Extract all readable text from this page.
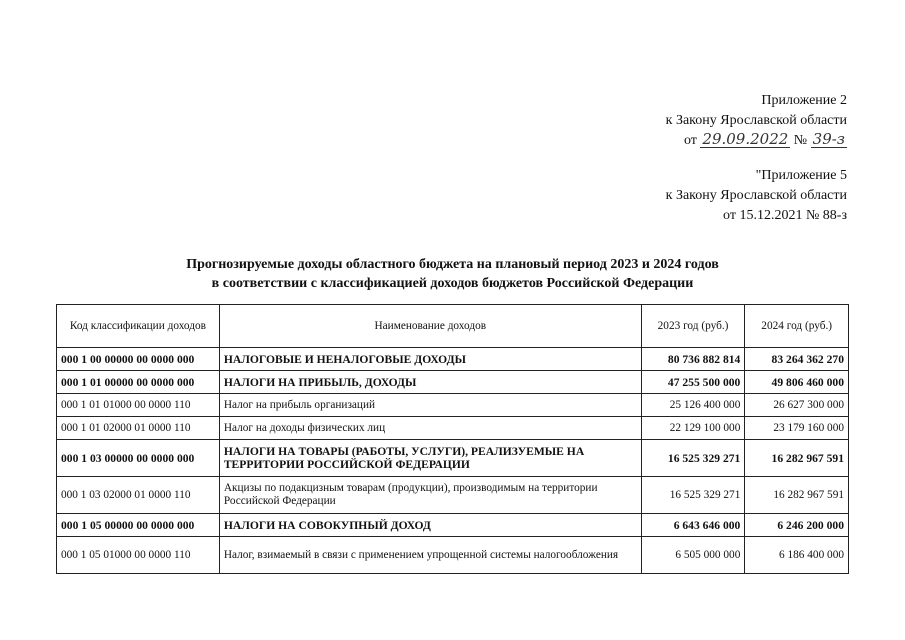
Приложение 2
к Закону Ярославской области
от 29.09.2022 № 39-з
"Приложение 5
к Закону Ярославской области
от 15.12.2021 № 88-з
Прогнозируемые доходы областного бюджета на плановый период 2023 и 2024 годов
в соответствии с классификацией доходов бюджетов Российской Федерации
Код классификации доходов	Наименование доходов	2023 год (руб.)	2024 год (руб.)
000 1 00 00000 00 0000 000	НАЛОГОВЫЕ И НЕНАЛОГОВЫЕ ДОХОДЫ	80 736 882 814	83 264 362 270
000 1 01 00000 00 0000 000	НАЛОГИ НА ПРИБЫЛЬ, ДОХОДЫ	47 255 500 000	49 806 460 000
000 1 01 01000 00 0000 110	Налог на прибыль организаций	25 126 400 000	26 627 300 000
000 1 01 02000 01 0000 110	Налог на доходы физических лиц	22 129 100 000	23 179 160 000
000 1 03 00000 00 0000 000	НАЛОГИ НА ТОВАРЫ (РАБОТЫ, УСЛУГИ), РЕАЛИЗУЕМЫЕ НА ТЕРРИТОРИИ РОССИЙСКОЙ ФЕДЕРАЦИИ	16 525 329 271	16 282 967 591
000 1 03 02000 01 0000 110	Акцизы по подакцизным товарам (продукции), производимым на территории Российской Федерации	16 525 329 271	16 282 967 591
000 1 05 00000 00 0000 000	НАЛОГИ НА СОВОКУПНЫЙ ДОХОД	6 643 646 000	6 246 200 000
000 1 05 01000 00 0000 110	Налог, взимаемый в связи с применением упрощенной системы налогообложения	6 505 000 000	6 186 400 000
